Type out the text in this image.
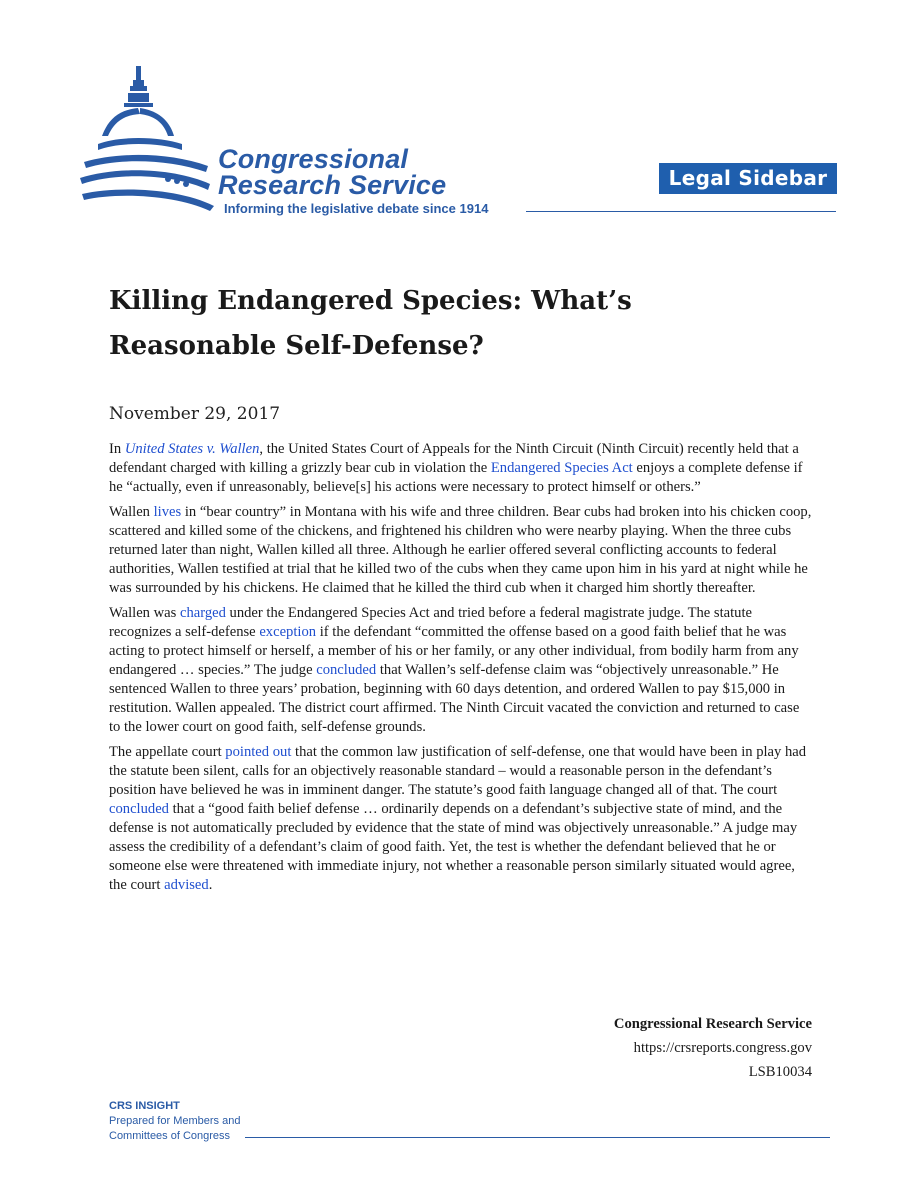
Congressional
Research Service
Informing the legislative debate since 1914
Legal Sidebar
Killing Endangered Species: What’s
Reasonable Self-Defense?
November 29, 2017

In United States v. Wallen, the United States Court of Appeals for the Ninth Circuit (Ninth Circuit) recently held that a defendant charged with killing a grizzly bear cub in violation the Endangered Species Act enjoys a complete defense if he “actually, even if unreasonably, believe[s] his actions were necessary to protect himself or others.”

Wallen lives in “bear country” in Montana with his wife and three children. Bear cubs had broken into his chicken coop, scattered and killed some of the chickens, and frightened his children who were nearby playing. When the three cubs returned later than night, Wallen killed all three. Although he earlier offered several conflicting accounts to federal authorities, Wallen testified at trial that he killed two of the cubs when they came upon him in his yard at night while he was surrounded by his chickens. He claimed that he killed the third cub when it charged him shortly thereafter.

Wallen was charged under the Endangered Species Act and tried before a federal magistrate judge. The statute recognizes a self-defense exception if the defendant “committed the offense based on a good faith belief that he was acting to protect himself or herself, a member of his or her family, or any other individual, from bodily harm from any endangered … species.” The judge concluded that Wallen’s self-defense claim was “objectively unreasonable.” He sentenced Wallen to three years’ probation, beginning with 60 days detention, and ordered Wallen to pay $15,000 in restitution. Wallen appealed. The district court affirmed. The Ninth Circuit vacated the conviction and returned to case to the lower court on good faith, self-defense grounds.

The appellate court pointed out that the common law justification of self-defense, one that would have been in play had the statute been silent, calls for an objectively reasonable standard – would a reasonable person in the defendant’s position have believed he was in imminent danger. The statute’s good faith language changed all of that. The court concluded that a “good faith belief defense … ordinarily depends on a defendant’s subjective state of mind, and the defense is not automatically precluded by evidence that the state of mind was objectively unreasonable.” A judge may assess the credibility of a defendant’s claim of good faith. Yet, the test is whether the defendant believed that he or someone else were threatened with immediate injury, not whether a reasonable person similarly situated would agree, the court advised.

Congressional Research Service
https://crsreports.congress.gov
LSB10034
CRS INSIGHT
Prepared for Members and
Committees of Congress
